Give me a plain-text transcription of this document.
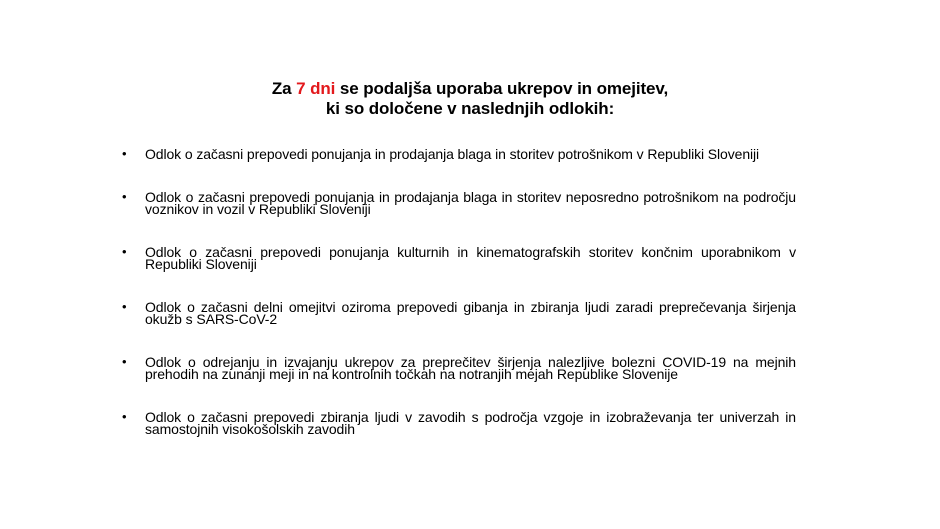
Za 7 dni se podaljša uporaba ukrepov in omejitev,
ki so določene v naslednjih odlokih:
• Odlok o začasni prepovedi ponujanja in prodajanja blaga in storitev potrošnikom v Republiki Sloveniji
• Odlok o začasni prepovedi ponujanja in prodajanja blaga in storitev neposredno potrošnikom na področju voznikov in vozil v Republiki Sloveniji
• Odlok o začasni prepovedi ponujanja kulturnih in kinematografskih storitev končnim uporabnikom v Republiki Sloveniji
• Odlok o začasni delni omejitvi oziroma prepovedi gibanja in zbiranja ljudi zaradi preprečevanja širjenja okužb s SARS-CoV-2
• Odlok o odrejanju in izvajanju ukrepov za preprečitev širjenja nalezljive bolezni COVID-19 na mejnih prehodih na zunanji meji in na kontrolnih točkah na notranjih mejah Republike Slovenije
• Odlok o začasni prepovedi zbiranja ljudi v zavodih s področja vzgoje in izobraževanja ter univerzah in samostojnih visokošolskih zavodih
